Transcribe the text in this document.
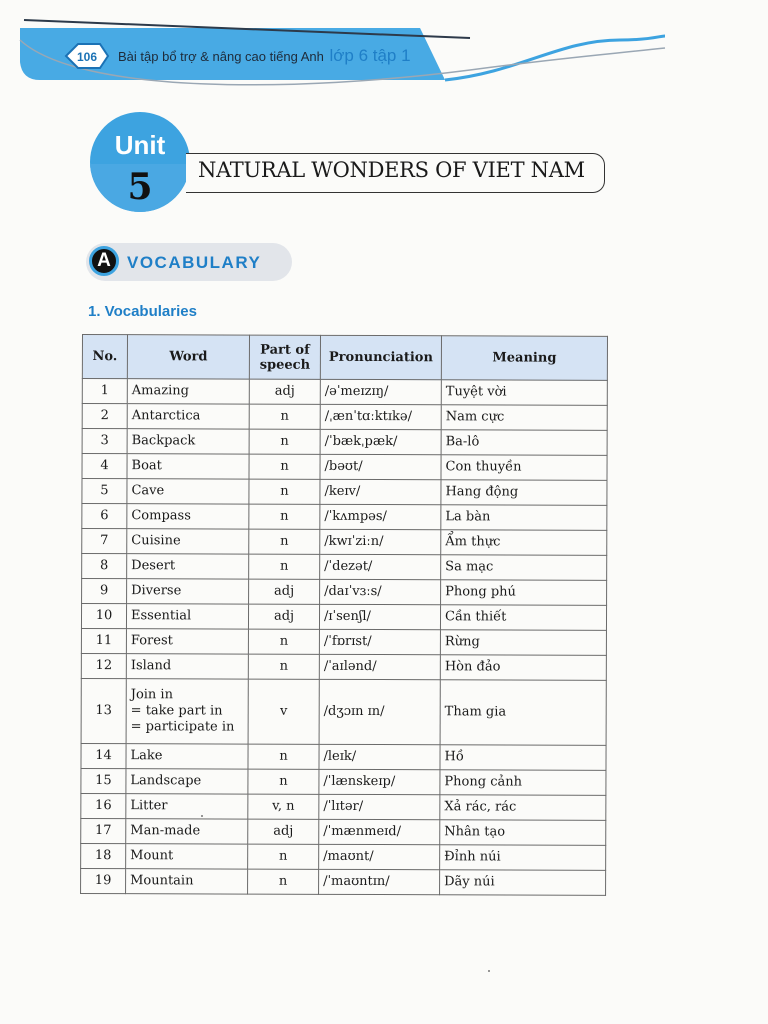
106	Bài tập bổ trợ & nâng cao tiếng Anh lớp 6 tập 1
Unit
5	NATURAL WONDERS OF VIET NAM
A VOCABULARY
1. Vocabularies
No.	Word	Part of speech	Pronunciation	Meaning
1	Amazing	adj	/əˈmeɪzɪŋ/	Tuyệt vời
2	Antarctica	n	/ˌænˈtɑːktɪkə/	Nam cực
3	Backpack	n	/ˈbækˌpæk/	Ba-lô
4	Boat	n	/bəʊt/	Con thuyền
5	Cave	n	/keɪv/	Hang động
6	Compass	n	/ˈkʌmpəs/	La bàn
7	Cuisine	n	/kwɪˈziːn/	Ẩm thực
8	Desert	n	/ˈdezət/	Sa mạc
9	Diverse	adj	/daɪˈvɜːs/	Phong phú
10	Essential	adj	/ɪˈsenʃl/	Cần thiết
11	Forest	n	/ˈfɒrɪst/	Rừng
12	Island	n	/ˈaɪlənd/	Hòn đảo
13	Join in
= take part in
= participate in	v	/dʒɔɪn ɪn/	Tham gia
14	Lake	n	/leɪk/	Hồ
15	Landscape	n	/ˈlænskeɪp/	Phong cảnh
16	Litter	v, n	/ˈlɪtər/	Xả rác, rác
17	Man-made	adj	/ˈmænmeɪd/	Nhân tạo
18	Mount	n	/maʊnt/	Đỉnh núi
19	Mountain	n	/ˈmaʊntɪn/	Dãy núi
